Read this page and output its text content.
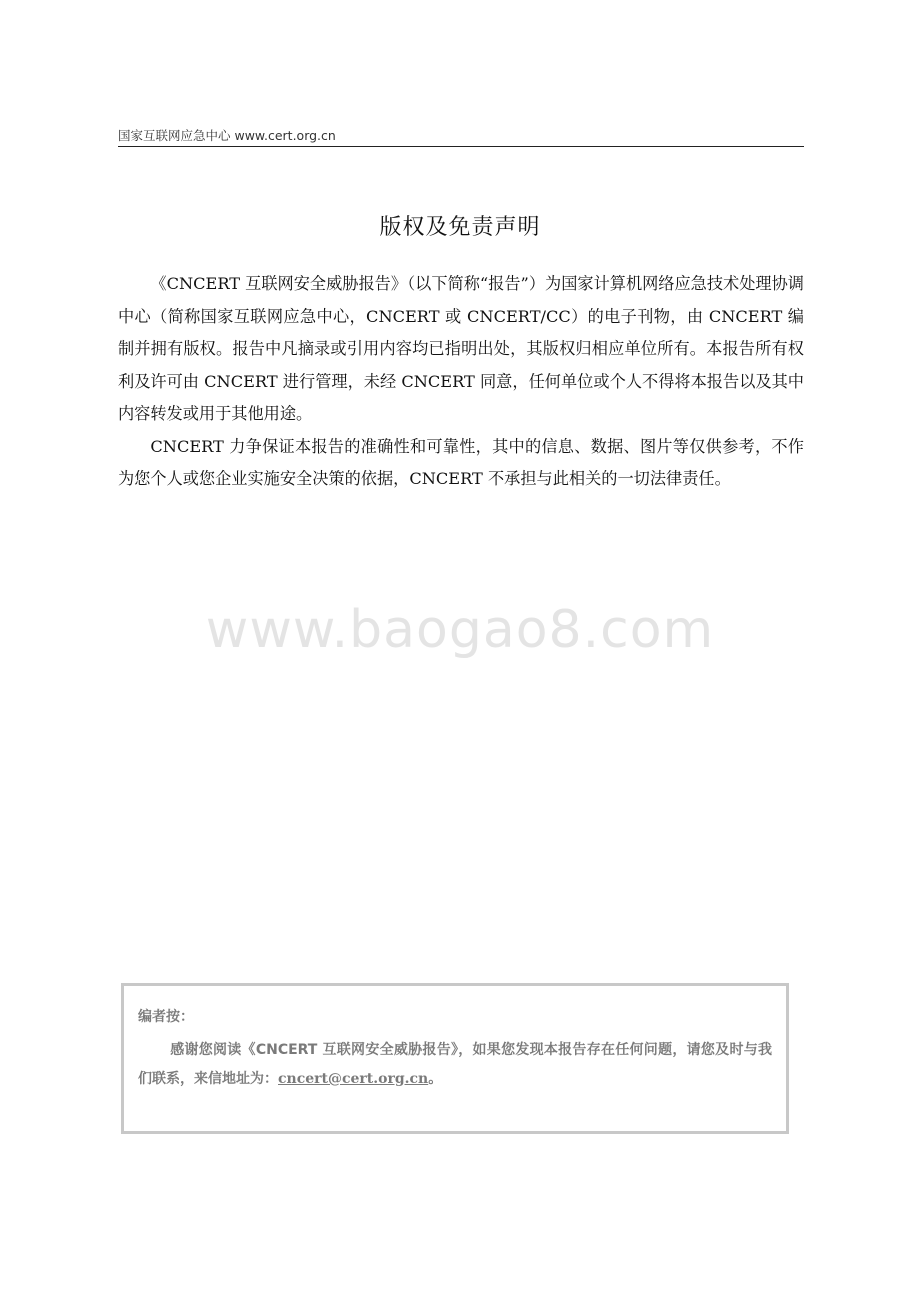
国家互联网应急中心 www.cert.org.cn
版权及免责声明

《CNCERT 互联网安全威胁报告》（以下简称“报告”）为国家计算机网络应急技术处理协调中心（简称国家互联网应急中心，CNCERT 或 CNCERT/CC）的电子刊物，由 CNCERT 编制并拥有版权。报告中凡摘录或引用内容均已指明出处，其版权归相应单位所有。本报告所有权利及许可由 CNCERT 进行管理，未经 CNCERT 同意，任何单位或个人不得将本报告以及其中内容转发或用于其他用途。

CNCERT 力争保证本报告的准确性和可靠性，其中的信息、数据、图片等仅供参考，不作为您个人或您企业实施安全决策的依据，CNCERT 不承担与此相关的一切法律责任。

www.baogao8.com
编者按：

感谢您阅读《CNCERT 互联网安全威胁报告》，如果您发现本报告存在任何问题，请您及时与我们联系，来信地址为：cncert@cert.org.cn。
